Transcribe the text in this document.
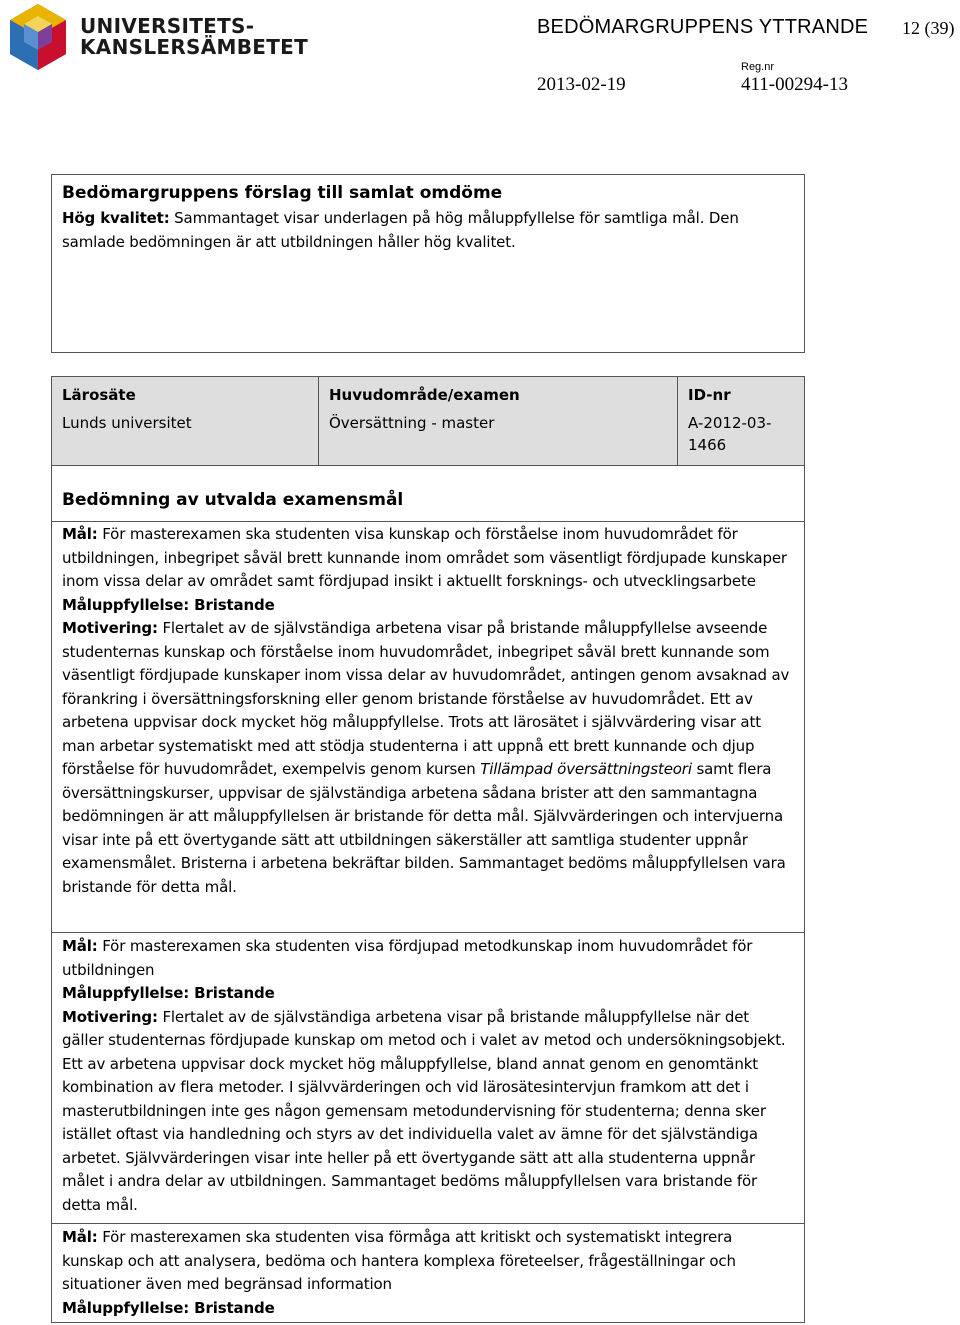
UNIVERSITETS-
KANSLERSÄMBETET
BEDÖMARGRUPPENS YTTRANDE 12 (39)
Reg.nr
2013-02-19	411-00294-13
Bedömargruppens förslag till samlat omdöme

Hög kvalitet: Sammantaget visar underlagen på hög måluppfyllelse för samtliga mål. Den samlade bedömningen är att utbildningen håller hög kvalitet.

Lärosäte
Lunds universitet
Huvudområde/examen
Översättning - master
ID-nr
A-2012-03-1466
Bedömning av utvalda examensmål

Mål: För masterexamen ska studenten visa kunskap och förståelse inom huvudområdet för utbildningen, inbegripet såväl brett kunnande inom området som väsentligt fördjupade kunskaper inom vissa delar av området samt fördjupad insikt i aktuellt forsknings- och utvecklingsarbete

Måluppfyllelse: Bristande

Motivering: Flertalet av de självständiga arbetena visar på bristande måluppfyllelse avseende studenternas kunskap och förståelse inom huvudområdet, inbegripet såväl brett kunnande som väsentligt fördjupade kunskaper inom vissa delar av huvudområdet, antingen genom avsaknad av förankring i översättningsforskning eller genom bristande förståelse av huvudområdet. Ett av arbetena uppvisar dock mycket hög måluppfyllelse. Trots att lärosätet i självvärdering visar att man arbetar systematiskt med att stödja studenterna i att uppnå ett brett kunnande och djup förståelse för huvudområdet, exempelvis genom kursen Tillämpad översättningsteori samt flera översättningskurser, uppvisar de självständiga arbetena sådana brister att den sammantagna bedömningen är att måluppfyllelsen är bristande för detta mål. Självvärderingen och intervjuerna visar inte på ett övertygande sätt att utbildningen säkerställer att samtliga studenter uppnår examensmålet. Bristerna i arbetena bekräftar bilden. Sammantaget bedöms måluppfyllelsen vara bristande för detta mål.

Mål: För masterexamen ska studenten visa fördjupad metodkunskap inom huvudområdet för utbildningen

Måluppfyllelse: Bristande

Motivering: Flertalet av de självständiga arbetena visar på bristande måluppfyllelse när det gäller studenternas fördjupade kunskap om metod och i valet av metod och undersökningsobjekt. Ett av arbetena uppvisar dock mycket hög måluppfyllelse, bland annat genom en genomtänkt kombination av flera metoder. I självvärderingen och vid lärosätesintervjun framkom att det i masterutbildningen inte ges någon gemensam metodundervisning för studenterna; denna sker istället oftast via handledning och styrs av det individuella valet av ämne för det självständiga arbetet. Självvärderingen visar inte heller på ett övertygande sätt att alla studenterna uppnår målet i andra delar av utbildningen. Sammantaget bedöms måluppfyllelsen vara bristande för detta mål.

Mål: För masterexamen ska studenten visa förmåga att kritiskt och systematiskt integrera kunskap och att analysera, bedöma och hantera komplexa företeelser, frågeställningar och situationer även med begränsad information

Måluppfyllelse: Bristande
